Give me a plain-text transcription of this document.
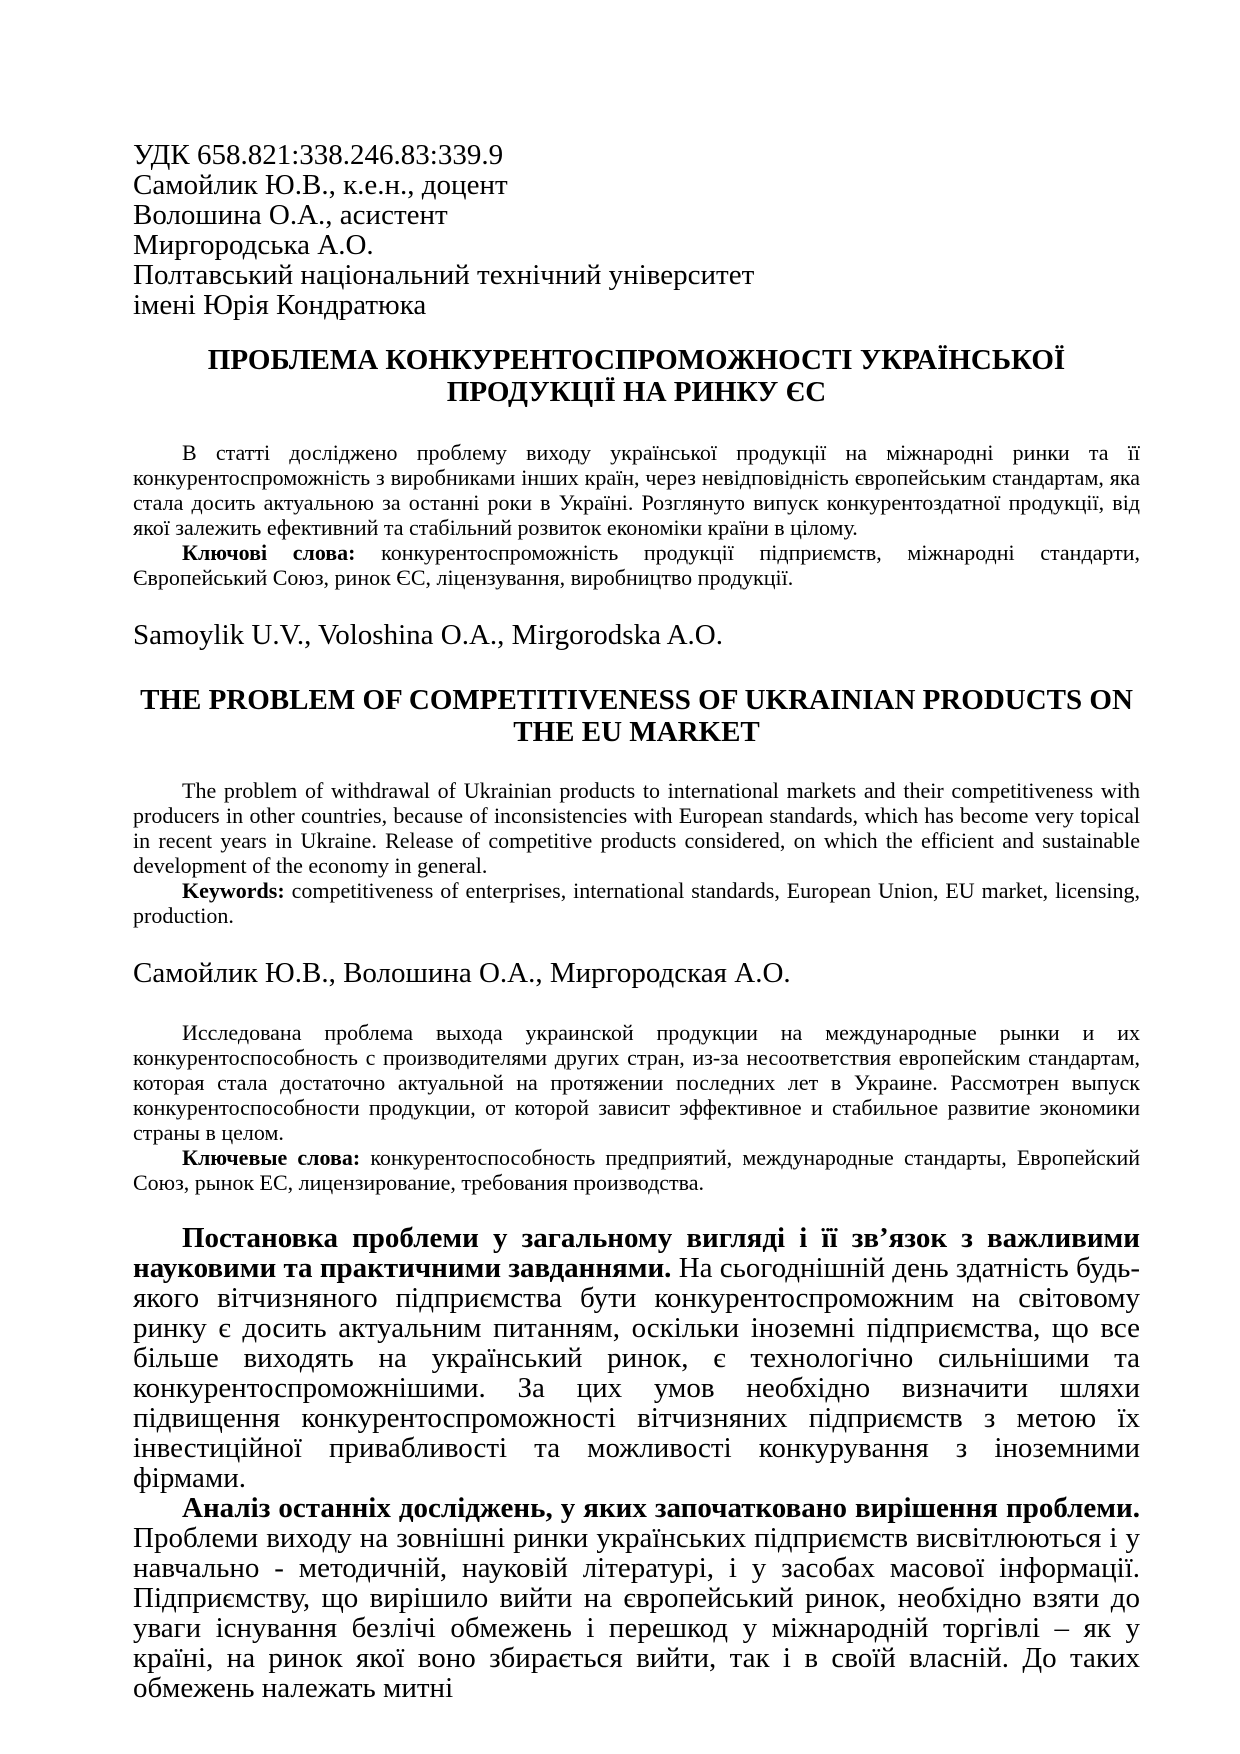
УДК 658.821:338.246.83:339.9
Самойлик Ю.В., к.е.н., доцент
Волошина О.А., асистент
Миргородська А.О.
Полтавський національний технічний університет
імені Юрія Кондратюка
ПРОБЛЕМА КОНКУРЕНТОСПРОМОЖНОСТІ УКРАЇНСЬКОЇ ПРОДУКЦІЇ НА РИНКУ ЄС

В статті досліджено проблему виходу української продукції на міжнародні ринки та її конкурентоспроможність з виробниками інших країн, через невідповідність європейським стандартам, яка стала досить актуальною за останні роки в Україні. Розглянуто випуск конкурентоздатної продукції, від якої залежить ефективний та стабільний розвиток економіки країни в цілому.

Ключові слова: конкурентоспроможність продукції підприємств, міжнародні стандарти, Європейський Союз, ринок ЄС, ліцензування, виробництво продукції.

Samoylik U.V., Voloshina O.A., Mirgorodska A.O.
THE PROBLEM OF COMPETITIVENESS OF UKRAINIAN PRODUCTS ON THE EU MARKET

The problem of withdrawal of Ukrainian products to international markets and their competitiveness with producers in other countries, because of inconsistencies with European standards, which has become very topical in recent years in Ukraine. Release of competitive products considered, on which the efficient and sustainable development of the economy in general.

Keywords: competitiveness of enterprises, international standards, European Union, EU market, licensing, production.

Самойлик Ю.В., Волошина О.А., Миргородская А.О.

Исследована проблема выхода украинской продукции на международные рынки и их конкурентоспособность с производителями других стран, из-за несоответствия европейским стандартам, которая стала достаточно актуальной на протяжении последних лет в Украине. Рассмотрен выпуск конкурентоспособности продукции, от которой зависит эффективное и стабильное развитие экономики страны в целом.

Ключевые слова: конкурентоспособность предприятий, международные стандарты, Европейский Союз, рынок ЕС, лицензирование, требования производства.

Постановка проблеми у загальному вигляді і її зв’язок з важливими науковими та практичними завданнями. На сьогоднішній день здатність будь-якого вітчизняного підприємства бути конкурентоспроможним на світовому ринку є досить актуальним питанням, оскільки іноземні підприємства, що все більше виходять на український ринок, є технологічно сильнішими та конкурентоспроможнішими. За цих умов необхідно визначити шляхи підвищення конкурентоспроможності вітчизняних підприємств з метою їх інвестиційної привабливості та можливості конкурування з іноземними фірмами.

Аналіз останніх досліджень, у яких започатковано вирішення проблеми. Проблеми виходу на зовнішні ринки українських підприємств висвітлюються і у навчально - методичній, науковій літературі, і у засобах масової інформації. Підприємству, що вирішило вийти на європейський ринок, необхідно взяти до уваги існування безлічі обмежень і перешкод у міжнародній торгівлі – як у країні, на ринок якої воно збирається вийти, так і в своїй власній. До таких обмежень належать митні
